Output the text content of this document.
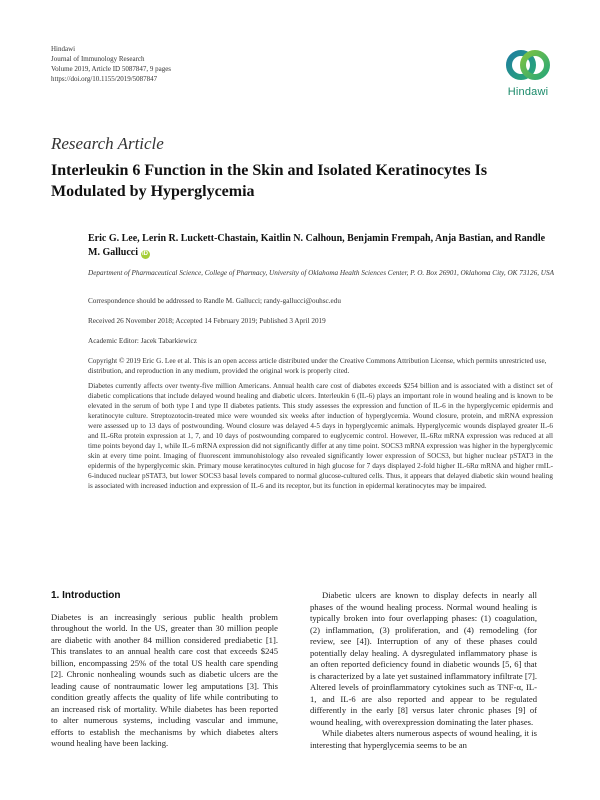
Hindawi
Journal of Immunology Research
Volume 2019, Article ID 5087847, 9 pages
https://doi.org/10.1155/2019/5087847
Hindawi
Research Article
Interleukin 6 Function in the Skin and Isolated Keratinocytes Is Modulated by Hyperglycemia
Eric G. Lee, Lerin R. Luckett-Chastain, Kaitlin N. Calhoun, Benjamin Frempah, Anja Bastian, and Randle M. Gallucci iD
Department of Pharmaceutical Science, College of Pharmacy, University of Oklahoma Health Sciences Center, P. O. Box 26901, Oklahoma City, OK 73126, USA
Correspondence should be addressed to Randle M. Gallucci; randy-gallucci@ouhsc.edu
Received 26 November 2018; Accepted 14 February 2019; Published 3 April 2019
Academic Editor: Jacek Tabarkiewicz
Copyright © 2019 Eric G. Lee et al. This is an open access article distributed under the Creative Commons Attribution License, which permits unrestricted use, distribution, and reproduction in any medium, provided the original work is properly cited.
Diabetes currently affects over twenty-five million Americans. Annual health care cost of diabetes exceeds $254 billion and is associated with a distinct set of diabetic complications that include delayed wound healing and diabetic ulcers. Interleukin 6 (IL-6) plays an important role in wound healing and is known to be elevated in the serum of both type I and type II diabetes patients. This study assesses the expression and function of IL-6 in the hyperglycemic epidermis and keratinocyte culture. Streptozotocin-treated mice were wounded six weeks after induction of hyperglycemia. Wound closure, protein, and mRNA expression were assessed up to 13 days of postwounding. Wound closure was delayed 4-5 days in hyperglycemic animals. Hyperglycemic wounds displayed greater IL-6 and IL-6Rα protein expression at 1, 7, and 10 days of postwounding compared to euglycemic control. However, IL-6Rα mRNA expression was reduced at all time points beyond day 1, while IL-6 mRNA expression did not significantly differ at any time point. SOCS3 mRNA expression was higher in the hyperglycemic skin at every time point. Imaging of fluorescent immunohistology also revealed significantly lower expression of SOCS3, but higher nuclear pSTAT3 in the epidermis of the hyperglycemic skin. Primary mouse keratinocytes cultured in high glucose for 7 days displayed 2-fold higher IL-6Rα mRNA and higher rmIL-6-induced nuclear pSTAT3, but lower SOCS3 basal levels compared to normal glucose-cultured cells. Thus, it appears that delayed diabetic skin wound healing is associated with increased induction and expression of IL-6 and its receptor, but its function in epidermal keratinocytes may be impaired.
1. Introduction

Diabetes is an increasingly serious public health problem throughout the world. In the US, greater than 30 million people are diabetic with another 84 million considered prediabetic [1]. This translates to an annual health care cost that exceeds $245 billion, encompassing 25% of the total US health care spending [2]. Chronic nonhealing wounds such as diabetic ulcers are the leading cause of nontraumatic lower leg amputations [3]. This condition greatly affects the quality of life while contributing to an increased risk of mortality. While diabetes has been reported to alter numerous systems, including vascular and immune, efforts to establish the mechanisms by which diabetes alters wound healing have been lacking.

Diabetic ulcers are known to display defects in nearly all phases of the wound healing process. Normal wound healing is typically broken into four overlapping phases: (1) coagulation, (2) inflammation, (3) proliferation, and (4) remodeling (for review, see [4]). Interruption of any of these phases could potentially delay healing. A dysregulated inflammatory phase is an often reported deficiency found in diabetic wounds [5, 6] that is characterized by a late yet sustained inflammatory infiltrate [7]. Altered levels of proinflammatory cytokines such as TNF-α, IL-1, and IL-6 are also reported and appear to be regulated differently in the early [8] versus later chronic phases [9] of wound healing, with overexpression dominating the later phases.

While diabetes alters numerous aspects of wound healing, it is interesting that hyperglycemia seems to be an
